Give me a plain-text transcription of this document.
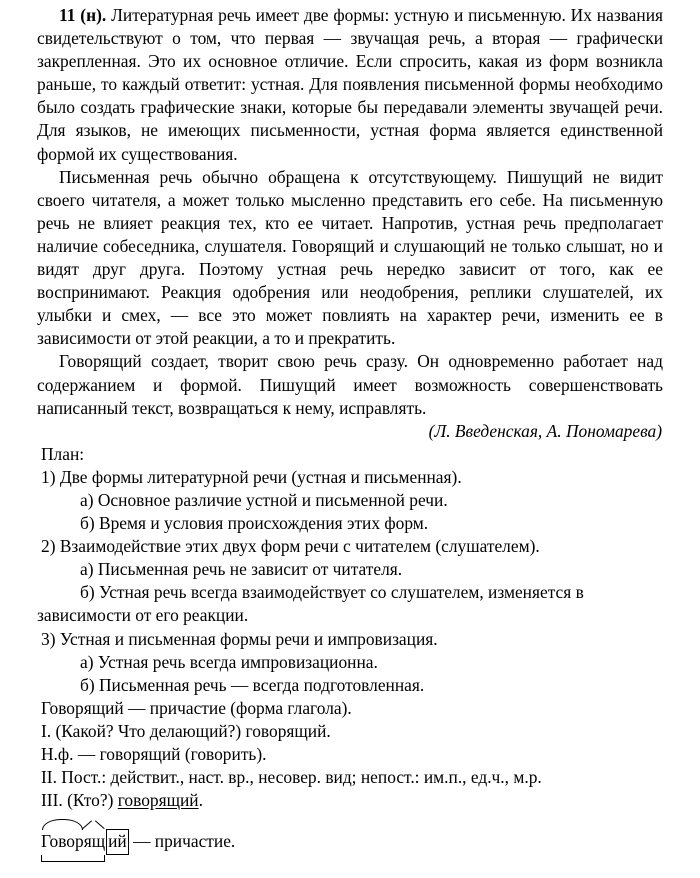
11 (н). Литературная речь имеет две формы: устную и письменную. Их названия свидетельствуют о том, что первая — звучащая речь, а вторая — графически закрепленная. Это их основное отличие. Если спросить, какая из форм возникла раньше, то каждый ответит: устная. Для появления письменной формы необходимо было создать графические знаки, которые бы передавали элементы звучащей речи. Для языков, не имеющих письменности, устная форма является единственной формой их существования.

Письменная речь обычно обращена к отсутствующему. Пишущий не видит своего читателя, а может только мысленно представить его себе. На письменную речь не влияет реакция тех, кто ее читает. Напротив, устная речь предполагает наличие собеседника, слушателя. Говорящий и слушающий не только слышат, но и видят друг друга. Поэтому устная речь нередко зависит от того, как ее воспринимают. Реакция одобрения или неодобрения, реплики слушателей, их улыбки и смех, — все это может повлиять на характер речи, изменить ее в зависимости от этой реакции, а то и прекратить.

Говорящий создает, творит свою речь сразу. Он одновременно работает над содержанием и формой. Пишущий имеет возможность совершенствовать написанный текст, возвращаться к нему, исправлять.

(Л. Введенская, А. Пономарева)

План:

1) Две формы литературной речи (устная и письменная).

а) Основное различие устной и письменной речи.

б) Время и условия происхождения этих форм.

2) Взаимодействие этих двух форм речи с читателем (слушателем).

а) Письменная речь не зависит от читателя.

б) Устная речь всегда взаимодействует со слушателем, изменяется в зависимости от его реакции.

3) Устная и письменная формы речи и импровизация.

а) Устная речь всегда импровизационна.

б) Письменная речь — всегда подготовленная.

Говорящий — причастие (форма глагола).

I. (Какой? Что делающий?) говорящий.

Н.ф. — говорящий (говорить).

II. Пост.: действит., наст. вр., несовер. вид; непост.: им.п., ед.ч., м.р.

III. (Кто?) говорящий.

Говор
ящ ий — причастие.
